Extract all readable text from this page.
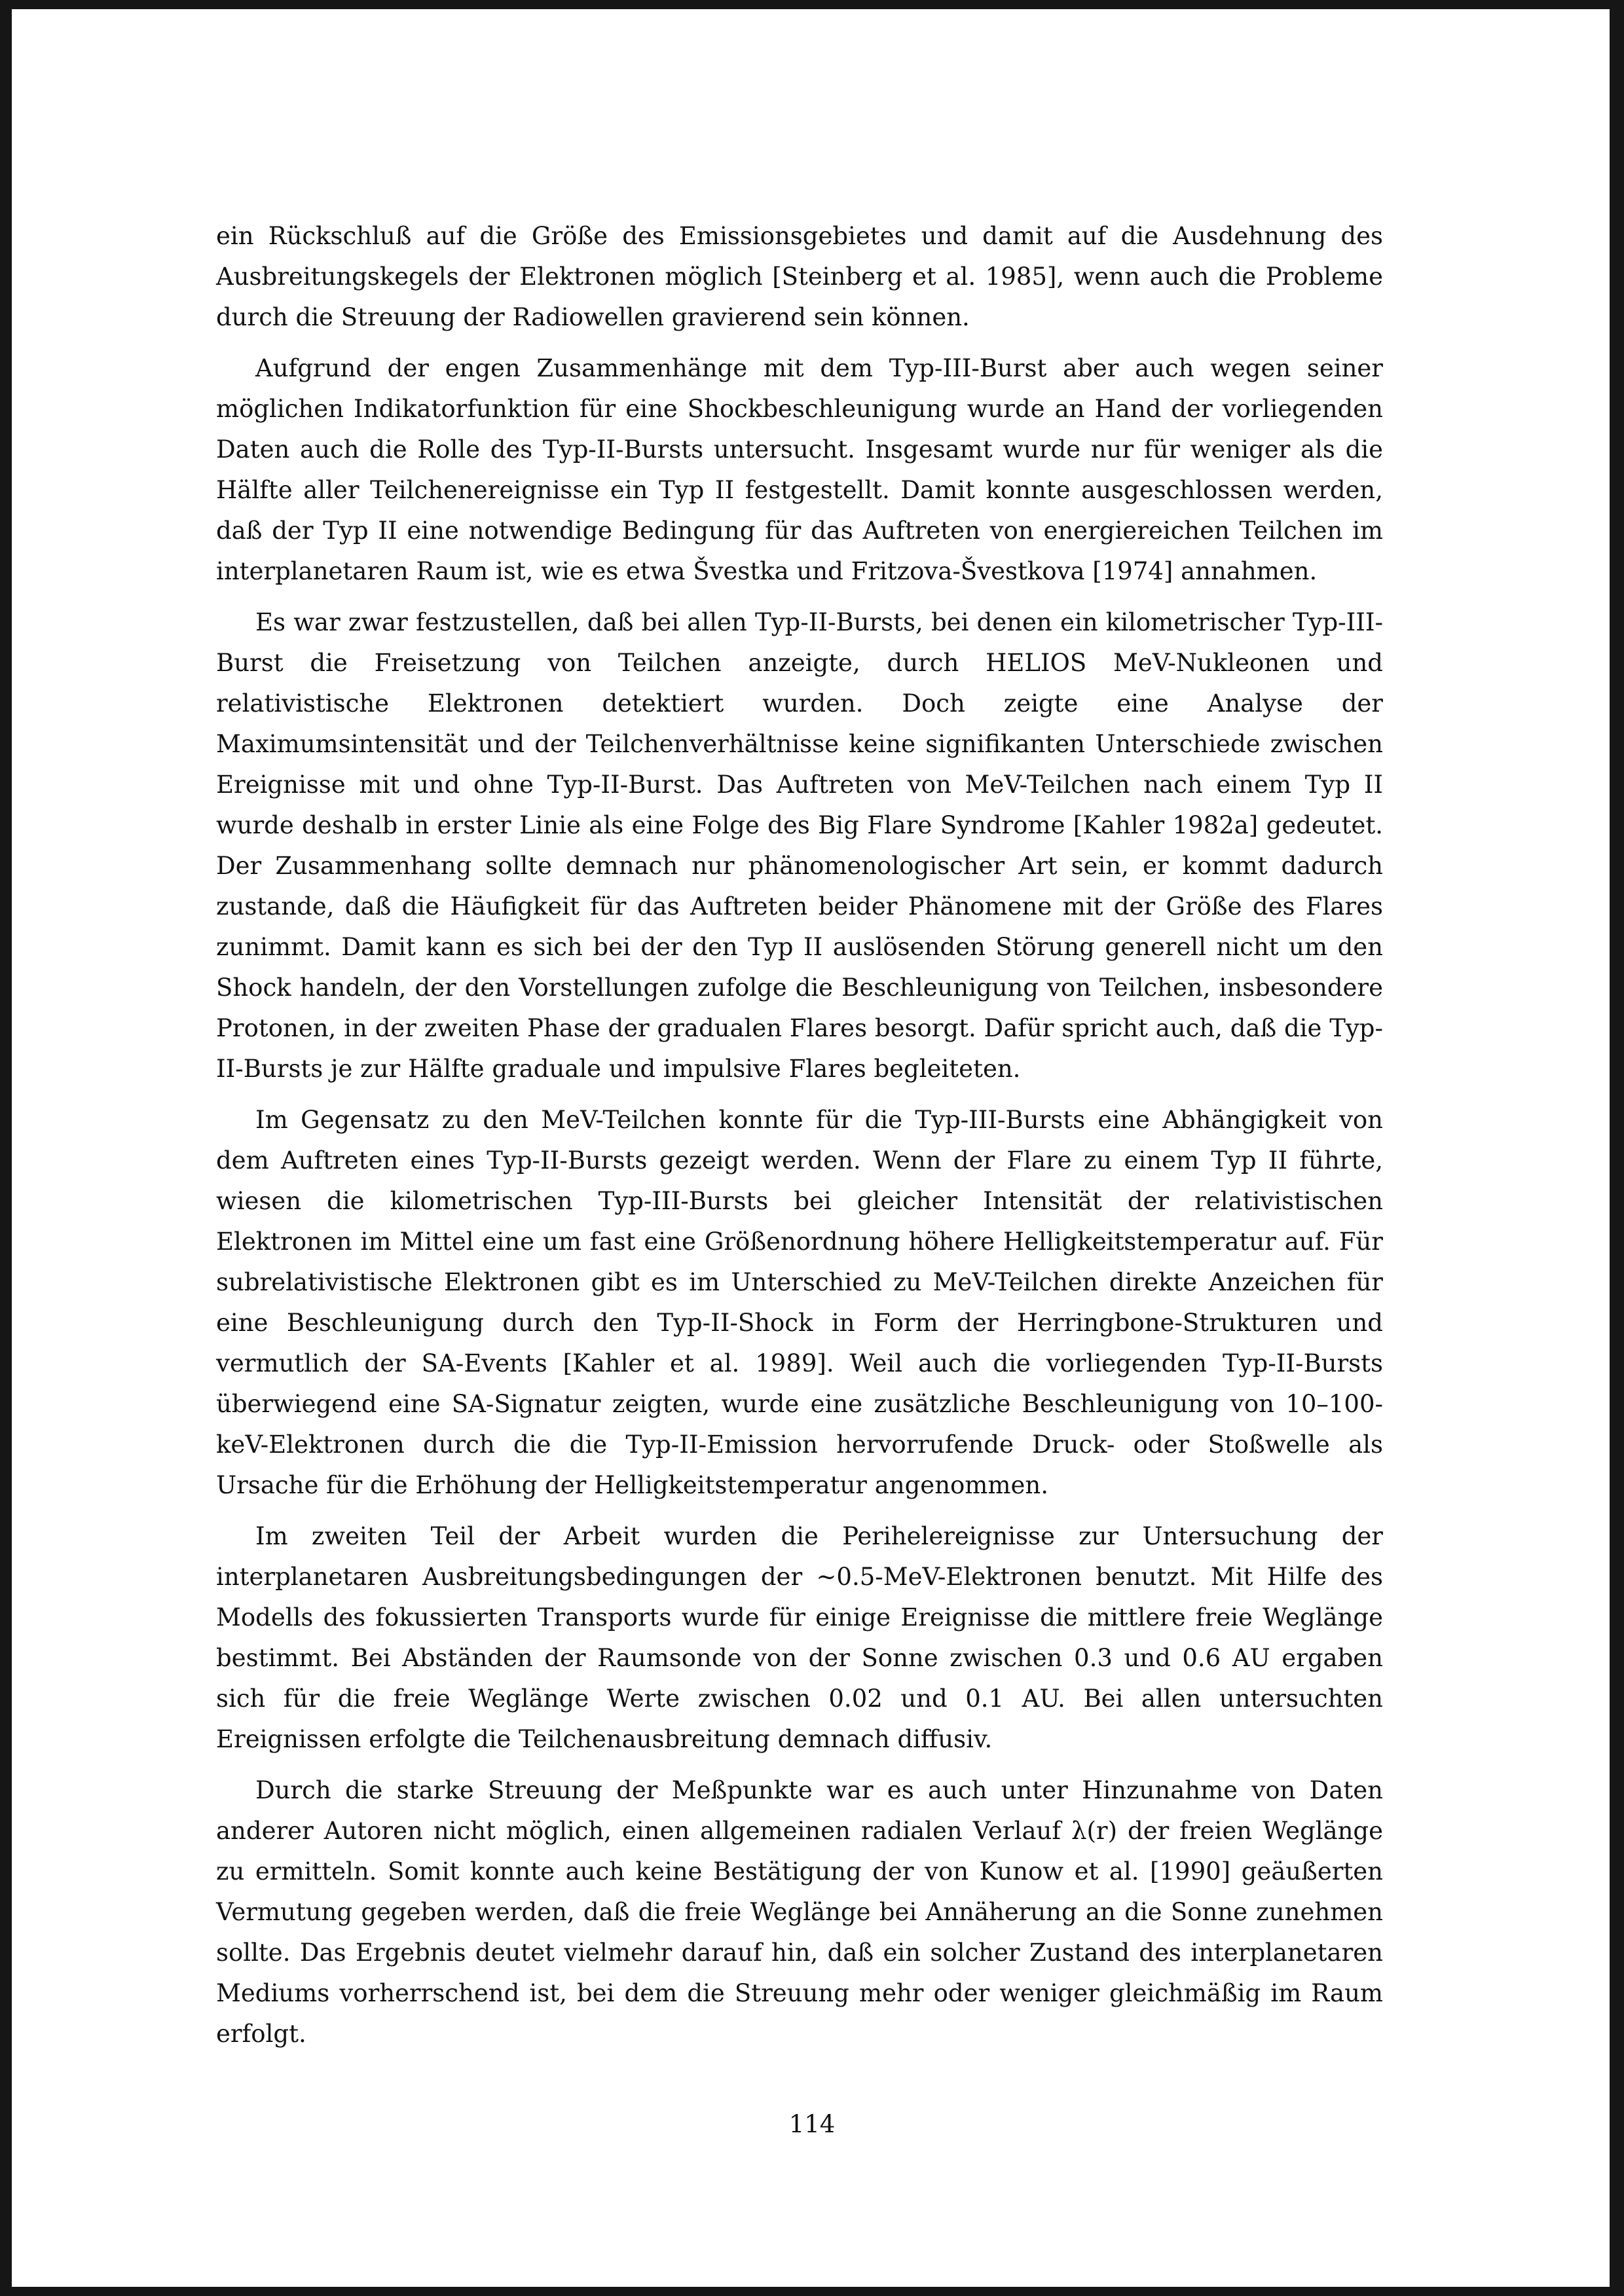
ein Rückschluß auf die Größe des Emissionsgebietes und damit auf die Ausdehnung des Ausbreitungskegels der Elektronen möglich [Steinberg et al. 1985], wenn auch die Probleme durch die Streuung der Radiowellen gravierend sein können.

Aufgrund der engen Zusammenhänge mit dem Typ-III-Burst aber auch wegen seiner möglichen Indikatorfunktion für eine Shockbeschleunigung wurde an Hand der vorliegenden Daten auch die Rolle des Typ-II-Bursts untersucht. Insgesamt wurde nur für weniger als die Hälfte aller Teilchenereignisse ein Typ II festgestellt. Damit konnte ausgeschlossen werden, daß der Typ II eine notwendige Bedingung für das Auftreten von energiereichen Teilchen im interplanetaren Raum ist, wie es etwa Švestka und Fritzova-Švestkova [1974] annahmen.

Es war zwar festzustellen, daß bei allen Typ-II-Bursts, bei denen ein kilometrischer Typ-III-Burst die Freisetzung von Teilchen anzeigte, durch HELIOS MeV-Nukleonen und relativistische Elektronen detektiert wurden. Doch zeigte eine Analyse der Maximumsintensität und der Teilchenverhältnisse keine signifikanten Unterschiede zwischen Ereignisse mit und ohne Typ-II-Burst. Das Auftreten von MeV-Teilchen nach einem Typ II wurde deshalb in erster Linie als eine Folge des Big Flare Syndrome [Kahler 1982a] gedeutet. Der Zusammenhang sollte demnach nur phänomenologischer Art sein, er kommt dadurch zustande, daß die Häufigkeit für das Auftreten beider Phänomene mit der Größe des Flares zunimmt. Damit kann es sich bei der den Typ II auslösenden Störung generell nicht um den Shock handeln, der den Vorstellungen zufolge die Beschleunigung von Teilchen, insbesondere Protonen, in der zweiten Phase der gradualen Flares besorgt. Dafür spricht auch, daß die Typ-II-Bursts je zur Hälfte graduale und impulsive Flares begleiteten.

Im Gegensatz zu den MeV-Teilchen konnte für die Typ-III-Bursts eine Abhängigkeit von dem Auftreten eines Typ-II-Bursts gezeigt werden. Wenn der Flare zu einem Typ II führte, wiesen die kilometrischen Typ-III-Bursts bei gleicher Intensität der relativistischen Elektronen im Mittel eine um fast eine Größenordnung höhere Helligkeitstemperatur auf. Für subrelativistische Elektronen gibt es im Unterschied zu MeV-Teilchen direkte Anzeichen für eine Beschleunigung durch den Typ-II-Shock in Form der Herringbone-Strukturen und vermutlich der SA-Events [Kahler et al. 1989]. Weil auch die vorliegenden Typ-II-Bursts überwiegend eine SA-Signatur zeigten, wurde eine zusätzliche Beschleunigung von 10–100-keV-Elektronen durch die die Typ-II-Emission hervorrufende Druck- oder Stoßwelle als Ursache für die Erhöhung der Helligkeitstemperatur angenommen.

Im zweiten Teil der Arbeit wurden die Perihelereignisse zur Untersuchung der interplanetaren Ausbreitungsbedingungen der ~0.5-MeV-Elektronen benutzt. Mit Hilfe des Modells des fokussierten Transports wurde für einige Ereignisse die mittlere freie Weglänge bestimmt. Bei Abständen der Raumsonde von der Sonne zwischen 0.3 und 0.6 AU ergaben sich für die freie Weglänge Werte zwischen 0.02 und 0.1 AU. Bei allen untersuchten Ereignissen erfolgte die Teilchenausbreitung demnach diffusiv.

Durch die starke Streuung der Meßpunkte war es auch unter Hinzunahme von Daten anderer Autoren nicht möglich, einen allgemeinen radialen Verlauf λ(r) der freien Weglänge zu ermitteln. Somit konnte auch keine Bestätigung der von Kunow et al. [1990] geäußerten Vermutung gegeben werden, daß die freie Weglänge bei Annäherung an die Sonne zunehmen sollte. Das Ergebnis deutet vielmehr darauf hin, daß ein solcher Zustand des interplanetaren Mediums vorherrschend ist, bei dem die Streuung mehr oder weniger gleichmäßig im Raum erfolgt.

114
